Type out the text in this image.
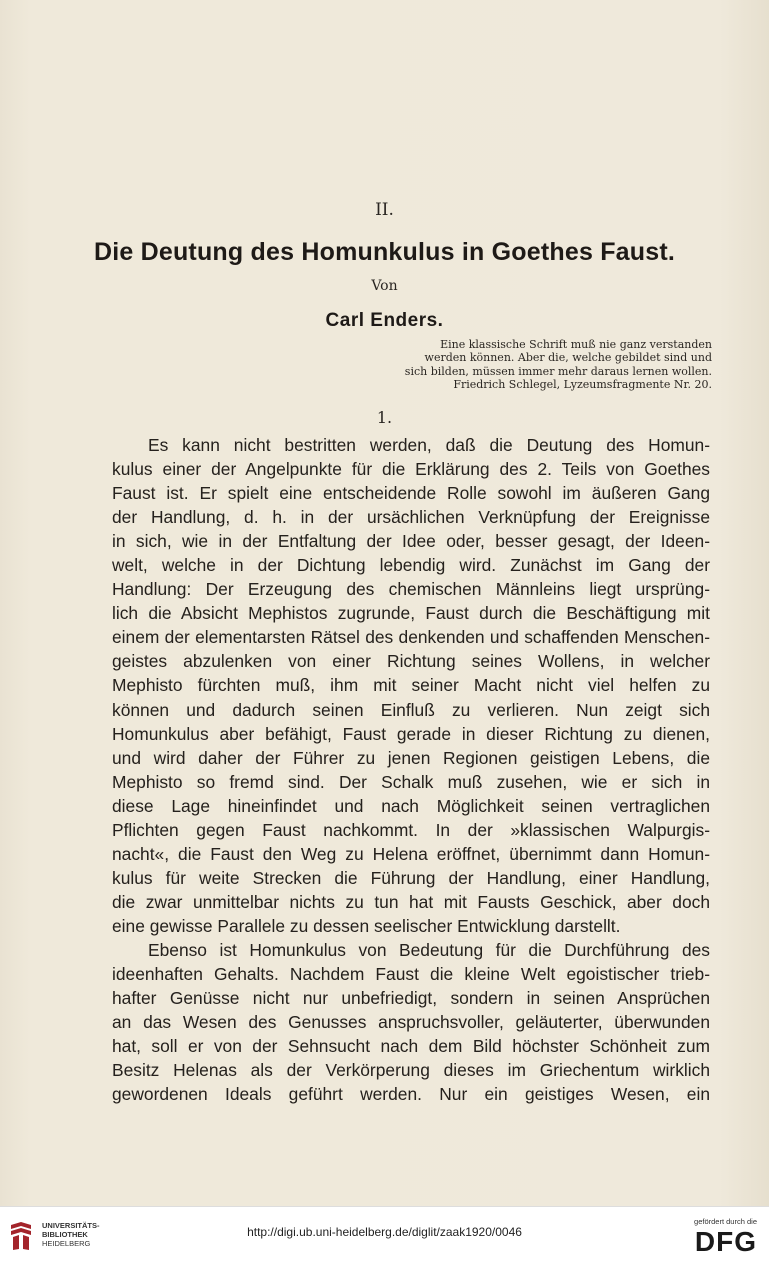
II.
Die Deutung des Homunkulus in Goethes Faust.
Von
Carl Enders.
Eine klassische Schrift muß nie ganz verstanden
werden können. Aber die, welche gebildet sind und
sich bilden, müssen immer mehr daraus lernen wollen.
Friedrich Schlegel, Lyzeumsfragmente Nr. 20.
1.
Es kann nicht bestritten werden, daß die Deutung des Homun-
kulus einer der Angelpunkte für die Erklärung des 2. Teils von Goethes
Faust ist. Er spielt eine entscheidende Rolle sowohl im äußeren Gang
der Handlung, d. h. in der ursächlichen Verknüpfung der Ereignisse
in sich, wie in der Entfaltung der Idee oder, besser gesagt, der Ideen-
welt, welche in der Dichtung lebendig wird. Zunächst im Gang der
Handlung: Der Erzeugung des chemischen Männleins liegt ursprüng-
lich die Absicht Mephistos zugrunde, Faust durch die Beschäftigung mit
einem der elementarsten Rätsel des denkenden und schaffenden Menschen-
geistes abzulenken von einer Richtung seines Wollens, in welcher
Mephisto fürchten muß, ihm mit seiner Macht nicht viel helfen zu
können und dadurch seinen Einfluß zu verlieren. Nun zeigt sich
Homunkulus aber befähigt, Faust gerade in dieser Richtung zu dienen,
und wird daher der Führer zu jenen Regionen geistigen Lebens, die
Mephisto so fremd sind. Der Schalk muß zusehen, wie er sich in
diese Lage hineinfindet und nach Möglichkeit seinen vertraglichen
Pflichten gegen Faust nachkommt. In der »klassischen Walpurgis-
nacht«, die Faust den Weg zu Helena eröffnet, übernimmt dann Homun-
kulus für weite Strecken die Führung der Handlung, einer Handlung,
die zwar unmittelbar nichts zu tun hat mit Fausts Geschick, aber doch
eine gewisse Parallele zu dessen seelischer Entwicklung darstellt.
Ebenso ist Homunkulus von Bedeutung für die Durchführung des
ideenhaften Gehalts. Nachdem Faust die kleine Welt egoistischer trieb-
hafter Genüsse nicht nur unbefriedigt, sondern in seinen Ansprüchen
an das Wesen des Genusses anspruchsvoller, geläuterter, überwunden
hat, soll er von der Sehnsucht nach dem Bild höchster Schönheit zum
Besitz Helenas als der Verkörperung dieses im Griechentum wirklich
gewordenen Ideals geführt werden. Nur ein geistiges Wesen, ein
UNIVERSITÄTS-
BIBLIOTHEK
HEIDELBERG
http://digi.ub.uni-heidelberg.de/diglit/zaak1920/0046
gefördert durch die
DFG
